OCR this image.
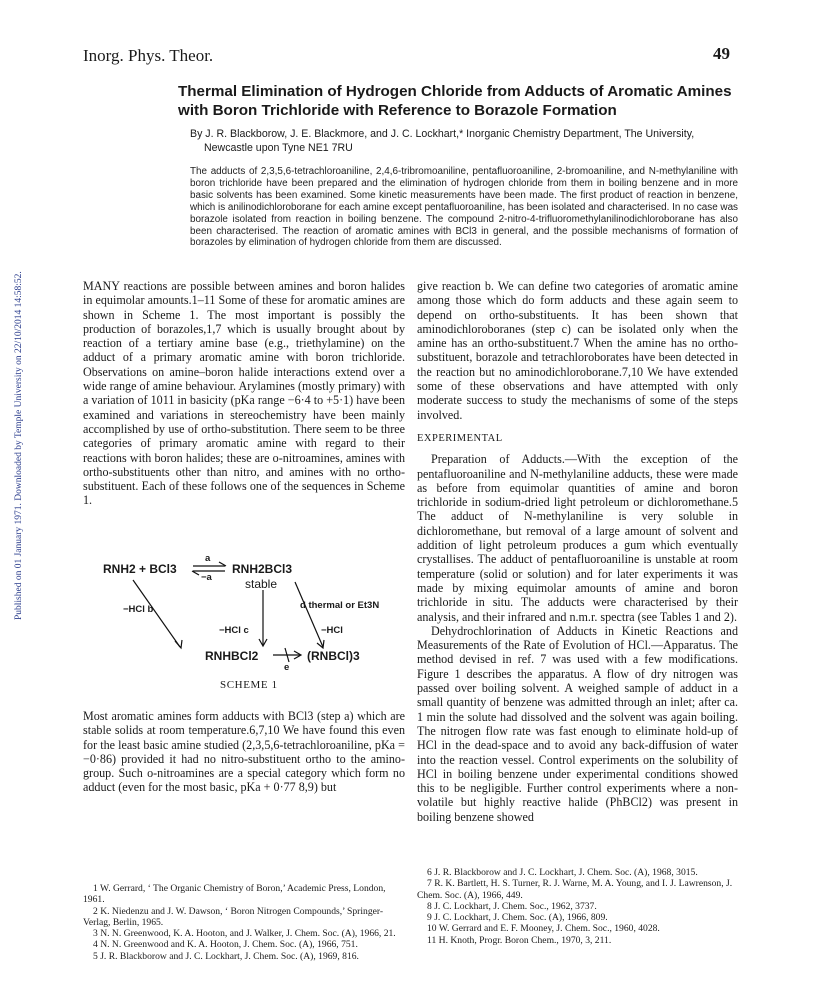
Published on 01 January 1971. Downloaded by Temple University on 22/10/2014 14:58:52.
Inorg. Phys. Theor.	49
Thermal Elimination of Hydrogen Chloride from Adducts of Aromatic Amines with Boron Trichloride with Reference to Borazole Formation
By J. R. Blackborow, J. E. Blackmore, and J. C. Lockhart,* Inorganic Chemistry Department, The University,
Newcastle upon Tyne NE1 7RU
The adducts of 2,3,5,6-tetrachloroaniline, 2,4,6-tribromoaniline, pentafluoroaniline, 2-bromoaniline, and N-methylaniline with boron trichloride have been prepared and the elimination of hydrogen chloride from them in boiling benzene and in more basic solvents has been examined. Some kinetic measurements have been made. The first product of reaction in benzene, which is anilinodichloroborane for each amine except pentafluoroaniline, has been isolated and characterised. In no case was borazole isolated from reaction in boiling benzene. The compound 2-nitro-4-trifluoromethylanilinodichloroborane has also been characterised. The reaction of aromatic amines with BCl3 in general, and the possible mechanisms of formation of borazoles by elimination of hydrogen chloride from them are discussed.

MANY reactions are possible between amines and boron halides in equimolar amounts.1–11 Some of these for aromatic amines are shown in Scheme 1. The most important is possibly the production of borazoles,1,7 which is usually brought about by reaction of a tertiary amine base (e.g., triethylamine) on the adduct of a primary aromatic amine with boron trichloride. Observations on amine–boron halide interactions extend over a wide range of amine behaviour. Arylamines (mostly primary) with a variation of 1011 in basicity (pKa range −6·4 to +5·1) have been examined and variations in stereochemistry have been mainly accomplished by use of ortho-substitution. There seem to be three categories of primary aromatic amine with regard to their reactions with boron halides; these are o-nitroamines, amines with ortho-substituents other than nitro, and amines with no ortho-substituent. Each of these follows one of the sequences in Scheme 1.

RNH2 + BCl3
a
−a
RNH2BCl3
stable
−HCl b	d thermal or Et3N
−HCl c	−HCl
RNHBCl2
e
(RNBCl)3
SCHEME 1

Most aromatic amines form adducts with BCl3 (step a) which are stable solids at room temperature.6,7,10 We have found this even for the least basic amine studied (2,3,5,6-tetrachloroaniline, pKa = −0·86) provided it had no nitro-substituent ortho to the amino-group. Such o-nitroamines are a special category which form no adduct (even for the most basic, pKa + 0·77 8,9) but

give reaction b. We can define two categories of aromatic amine among those which do form adducts and these again seem to depend on ortho-substituents. It has been shown that aminodichloroboranes (step c) can be isolated only when the amine has an ortho-substituent.7 When the amine has no ortho-substituent, borazole and tetrachloroborates have been detected in the reaction but no aminodichloroborane.7,10 We have extended some of these observations and have attempted with only moderate success to study the mechanisms of some of the steps involved.

EXPERIMENTAL

Preparation of Adducts.—With the exception of the pentafluoroaniline and N-methylaniline adducts, these were made as before from equimolar quantities of amine and boron trichloride in sodium-dried light petroleum or dichloromethane.5 The adduct of N-methylaniline is very soluble in dichloromethane, but removal of a large amount of solvent and addition of light petroleum produces a gum which eventually crystallises. The adduct of pentafluoroaniline is unstable at room temperature (solid or solution) and for later experiments it was made by mixing equimolar amounts of amine and boron trichloride in situ. The adducts were characterised by their analysis, and their infrared and n.m.r. spectra (see Tables 1 and 2).

Dehydrochlorination of Adducts in Kinetic Reactions and Measurements of the Rate of Evolution of HCl.—Apparatus. The method devised in ref. 7 was used with a few modifications. Figure 1 describes the apparatus. A flow of dry nitrogen was passed over boiling solvent. A weighed sample of adduct in a small quantity of benzene was admitted through an inlet; after ca. 1 min the solute had dissolved and the solvent was again boiling. The nitrogen flow rate was fast enough to eliminate hold-up of HCl in the dead-space and to avoid any back-diffusion of water into the reaction vessel. Control experiments on the solubility of HCl in boiling benzene under experimental conditions showed this to be negligible. Further control experiments where a non-volatile but highly reactive halide (PhBCl2) was present in boiling benzene showed

1 W. Gerrard, ‘ The Organic Chemistry of Boron,’ Academic Press, London, 1961.

2 K. Niedenzu and J. W. Dawson, ‘ Boron Nitrogen Compounds,’ Springer-Verlag, Berlin, 1965.

3 N. N. Greenwood, K. A. Hooton, and J. Walker, J. Chem. Soc. (A), 1966, 21.

4 N. N. Greenwood and K. A. Hooton, J. Chem. Soc. (A), 1966, 751.

5 J. R. Blackborow and J. C. Lockhart, J. Chem. Soc. (A), 1969, 816.

6 J. R. Blackborow and J. C. Lockhart, J. Chem. Soc. (A), 1968, 3015.

7 R. K. Bartlett, H. S. Turner, R. J. Warne, M. A. Young, and I. J. Lawrenson, J. Chem. Soc. (A), 1966, 449.

8 J. C. Lockhart, J. Chem. Soc., 1962, 3737.

9 J. C. Lockhart, J. Chem. Soc. (A), 1966, 809.

10 W. Gerrard and E. F. Mooney, J. Chem. Soc., 1960, 4028.

11 H. Knoth, Progr. Boron Chem., 1970, 3, 211.
